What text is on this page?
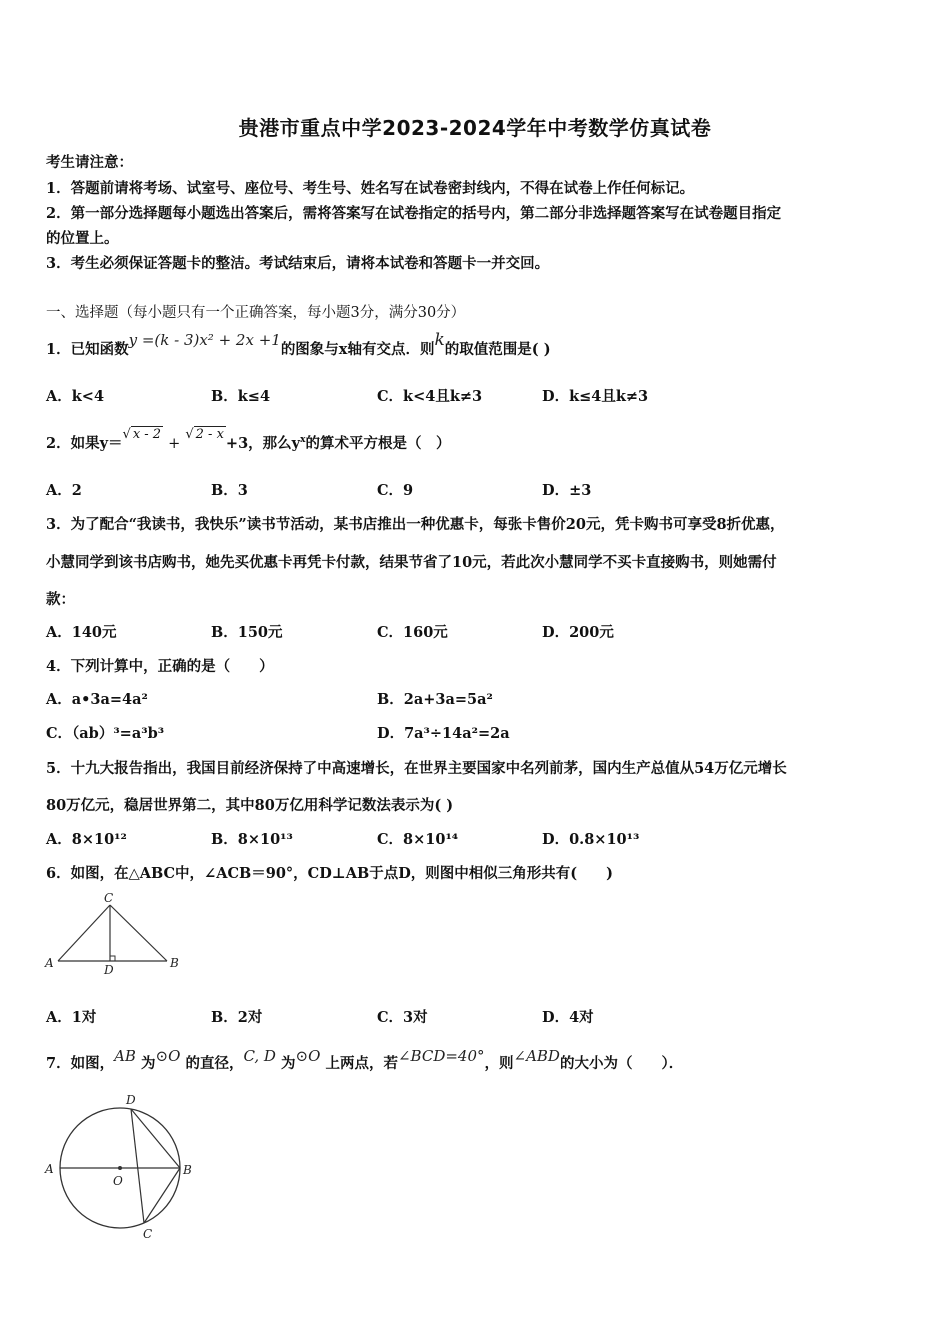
贵港市重点中学2023-2024学年中考数学仿真试卷
考生请注意：
1．答题前请将考场、试室号、座位号、考生号、姓名写在试卷密封线内，不得在试卷上作任何标记。
2．第一部分选择题每小题选出答案后，需将答案写在试卷指定的括号内，第二部分非选择题答案写在试卷题目指定
的位置上。
3．考生必须保证答题卡的整洁。考试结束后，请将本试卷和答题卡一并交回。
一、选择题（每小题只有一个正确答案，每小题3分，满分30分）
1．已知函数y =(k - 3)x² + 2x +1的图象与x轴有交点．则k的取值范围是( )
A．k<4	B．k≤4	C．k<4且k≠3	D．k≤4且k≠3
2．如果y＝√ x - 2 + √ 2 - x+3，那么$y^x$的算术平方根是（　）
A．2	B．3	C．9	D．±3
3．为了配合“我读书，我快乐”读书节活动，某书店推出一种优惠卡，每张卡售价20元，凭卡购书可享受8折优惠，
小慧同学到该书店购书，她先买优惠卡再凭卡付款，结果节省了10元，若此次小慧同学不买卡直接购书，则她需付
款：
A．140元	B．150元	C．160元	D．200元
4．下列计算中，正确的是（　　）
A．a•3a=4a²	B．2a+3a=5a²
C．（ab）³=a³b³	D．7a³÷14a²=2a
5．十九大报告指出，我国目前经济保持了中高速增长，在世界主要国家中名列前茅，国内生产总值从54万亿元增长
80万亿元，稳居世界第二，其中80万亿用科学记数法表示为( )
A．8×10¹²	B．8×10¹³	C．8×10¹⁴	D．0.8×10¹³
6．如图，在△ABC中，∠ACB＝90°，CD⊥AB于点D，则图中相似三角形共有(　　)
C
A	D	B
A．1对	B．2对	C．3对	D．4对
7．如图，AB 为⊙O 的直径，C, D 为⊙O 上两点，若∠BCD=40°，则∠ABD的大小为（　　）．
D
A
O
B
C
